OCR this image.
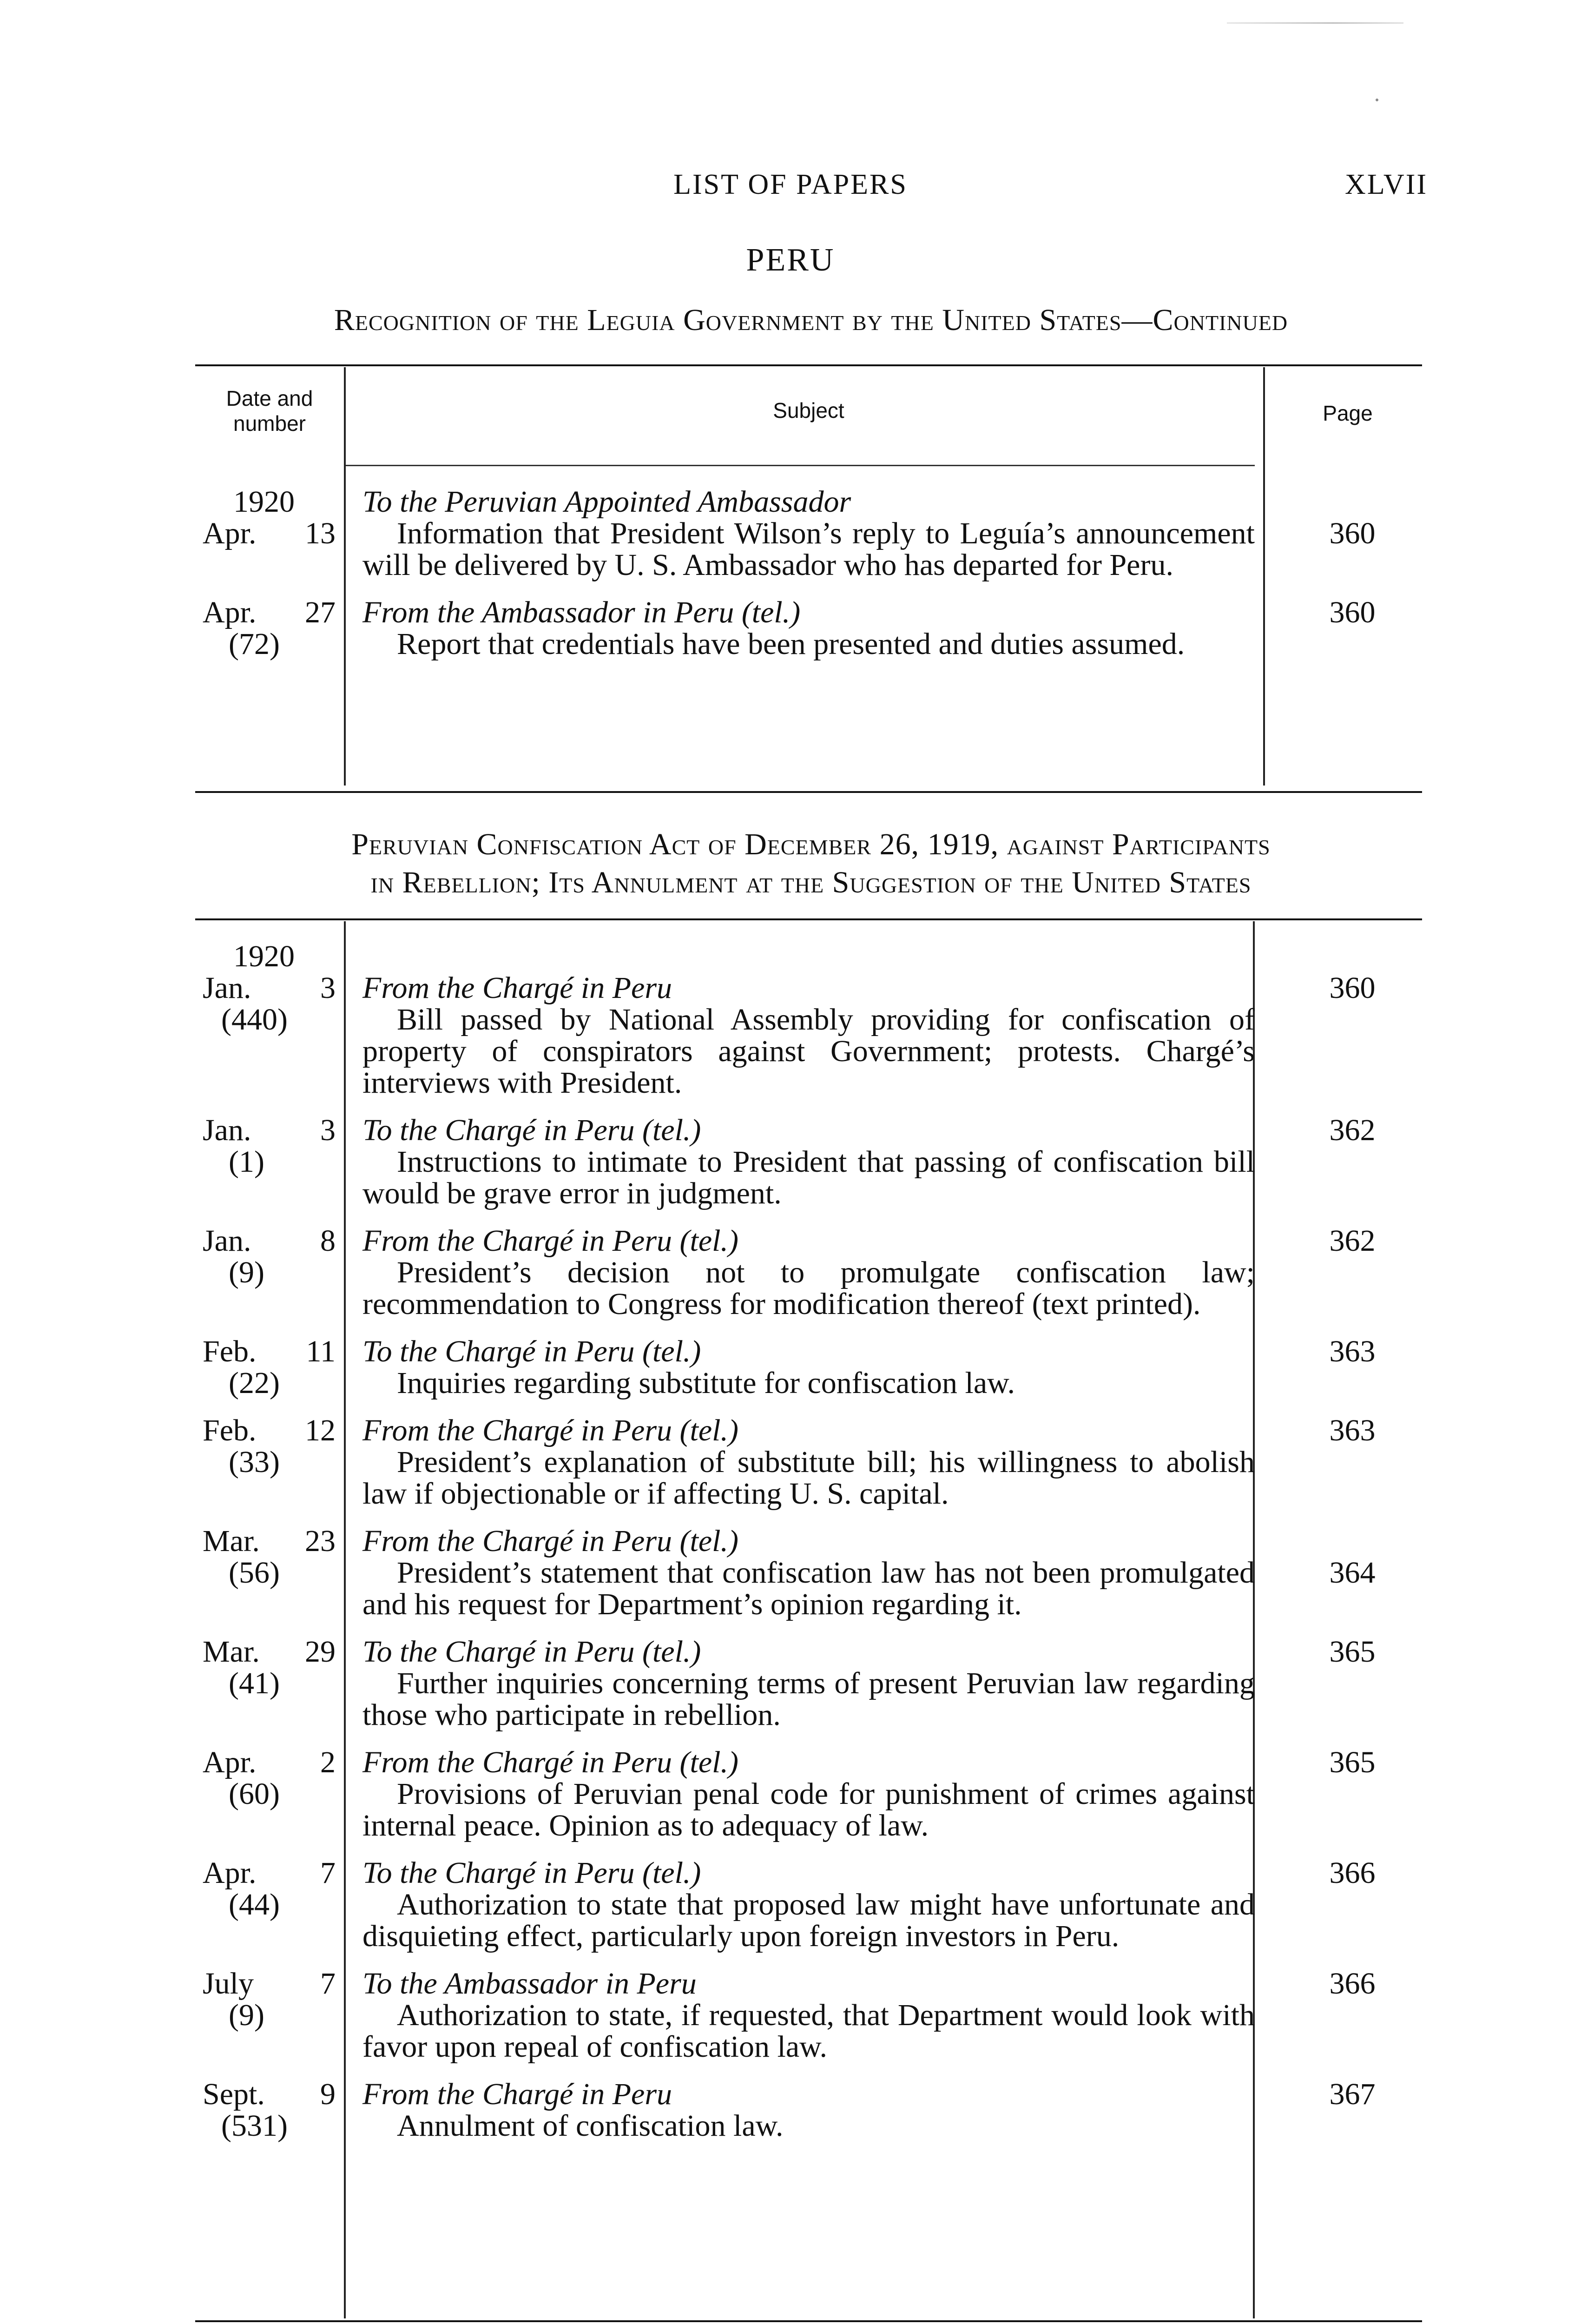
LIST OF PAPERS	XLVII
PERU
Recognition of the Leguia Government by the United States—Continued
Date and
number
Subject	Page
1920
Apr. 13
To the Peruvian Appointed Ambassador
Information that President Wilson’s reply to Leguía’s announcement will be delivered by U. S. Ambassador who has departed for Peru.
360
Apr. 27
(72)
From the Ambassador in Peru (tel.)
Report that credentials have been presented and duties assumed.
360
Peruvian Confiscation Act of December 26, 1919, against Participants
in Rebellion; Its Annulment at the Suggestion of the United States
1920
Jan. 3
(440)
From the Chargé in Peru
Bill passed by National Assembly providing for confiscation of property of conspirators against Government; protests. Chargé’s interviews with President.
360
Jan. 3
(1)
To the Chargé in Peru (tel.)
Instructions to intimate to President that passing of confiscation bill would be grave error in judgment.
362
Jan. 8
(9)
From the Chargé in Peru (tel.)
President’s decision not to promulgate confiscation law; recommendation to Congress for modification thereof (text printed).
362
Feb. 11
(22)
To the Chargé in Peru (tel.)
Inquiries regarding substitute for confiscation law.
363
Feb. 12
(33)
From the Chargé in Peru (tel.)
President’s explanation of substitute bill; his willingness to abolish law if objectionable or if affecting U. S. capital.
363
Mar. 23
(56)
From the Chargé in Peru (tel.)
President’s statement that confiscation law has not been promulgated and his request for Department’s opinion regarding it.
364
Mar. 29
(41)
To the Chargé in Peru (tel.)
Further inquiries concerning terms of present Peruvian law regarding those who participate in rebellion.
365
Apr. 2
(60)
From the Chargé in Peru (tel.)
Provisions of Peruvian penal code for punishment of crimes against internal peace. Opinion as to adequacy of law.
365
Apr. 7
(44)
To the Chargé in Peru (tel.)
Authorization to state that proposed law might have unfortunate and disquieting effect, particularly upon foreign investors in Peru.
366
July 7
(9)
To the Ambassador in Peru
Authorization to state, if requested, that Department would look with favor upon repeal of confiscation law.
366
Sept. 9
(531)
From the Chargé in Peru
Annulment of confiscation law.
367
